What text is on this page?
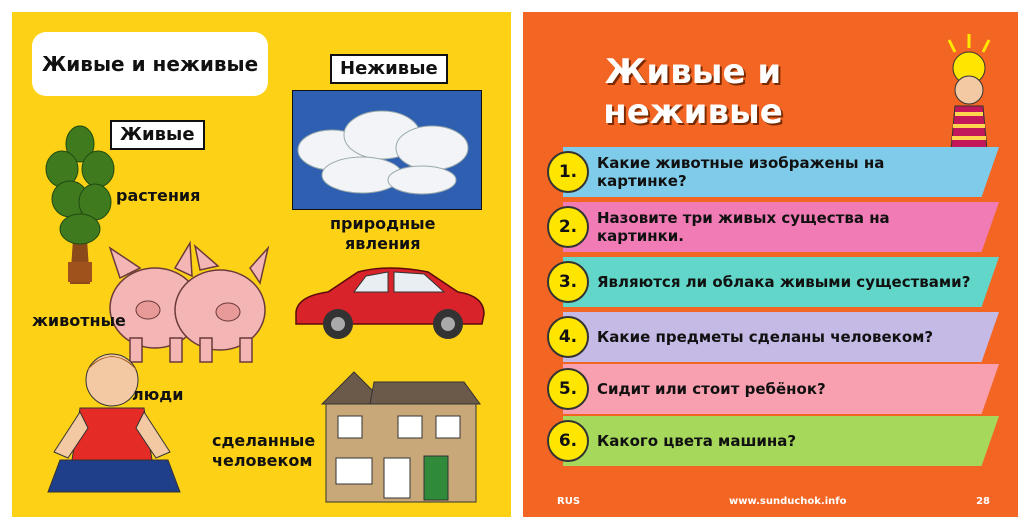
Живые и неживые	Неживые
Живые
растения
природные
явления
животные
люди
сделанные
человеком
Живые и
неживые
1.	Какие животные изображены на картинке?
2.	Назовите три живых существа на картинки.
3.	Являются ли облака живыми существами?
4.	Какие предметы сделаны человеком?
5.	Сидит или стоит ребёнок?
6.	Какого цвета машина?
RUS	www.sunduchok.info	28
